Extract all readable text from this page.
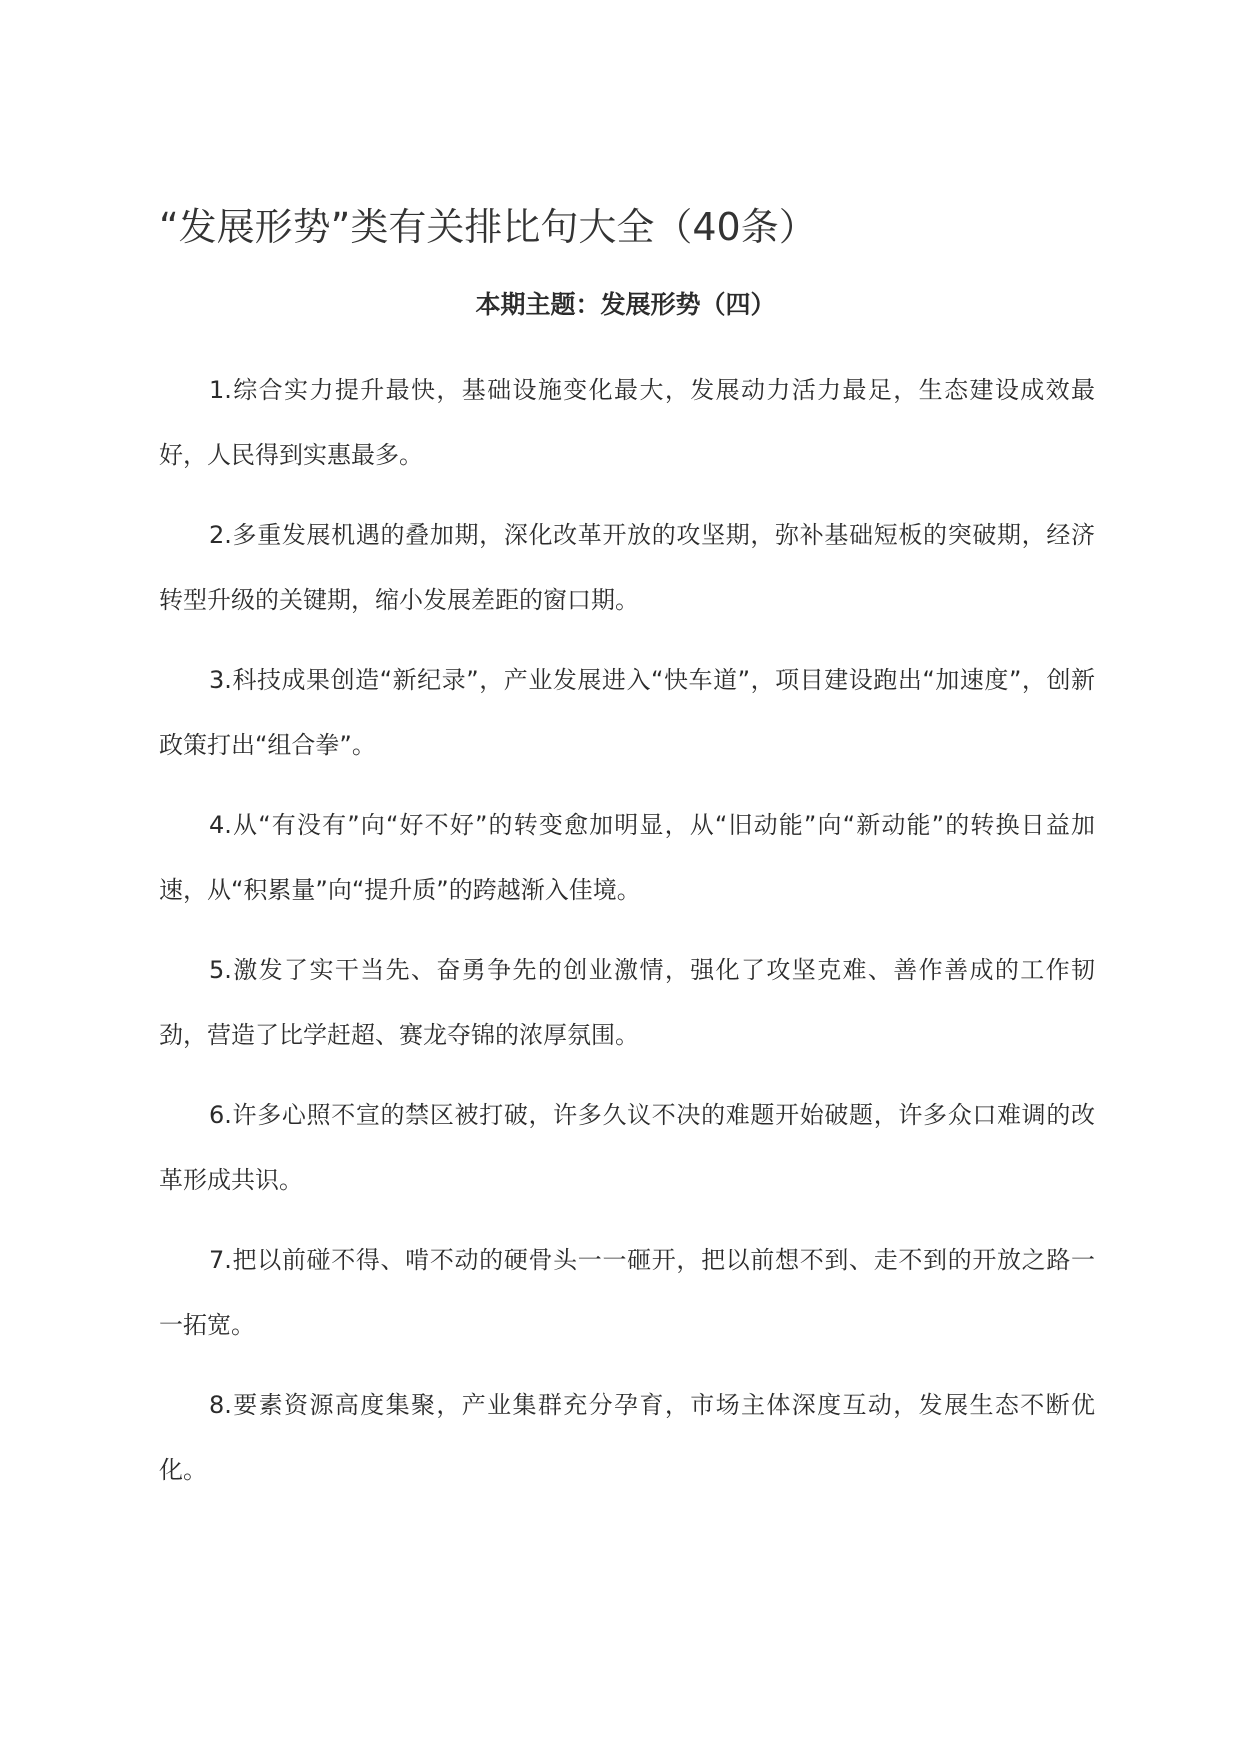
“发展形势”类有关排比句大全（40条）

本期主题：发展形势（四）

1.综合实力提升最快，基础设施变化最大，发展动力活力最足，生态建设成效最好，人民得到实惠最多。
2.多重发展机遇的叠加期，深化改革开放的攻坚期，弥补基础短板的突破期，经济转型升级的关键期，缩小发展差距的窗口期。
3.科技成果创造“新纪录”，产业发展进入“快车道”，项目建设跑出“加速度”，创新政策打出“组合拳”。
4.从“有没有”向“好不好”的转变愈加明显，从“旧动能”向“新动能”的转换日益加速，从“积累量”向“提升质”的跨越渐入佳境。
5.激发了实干当先、奋勇争先的创业激情，强化了攻坚克难、善作善成的工作韧劲，营造了比学赶超、赛龙夺锦的浓厚氛围。
6.许多心照不宣的禁区被打破，许多久议不决的难题开始破题，许多众口难调的改革形成共识。
7.把以前碰不得、啃不动的硬骨头一一砸开，把以前想不到、走不到的开放之路一一拓宽。
8.要素资源高度集聚，产业集群充分孕育，市场主体深度互动，发展生态不断优化。
